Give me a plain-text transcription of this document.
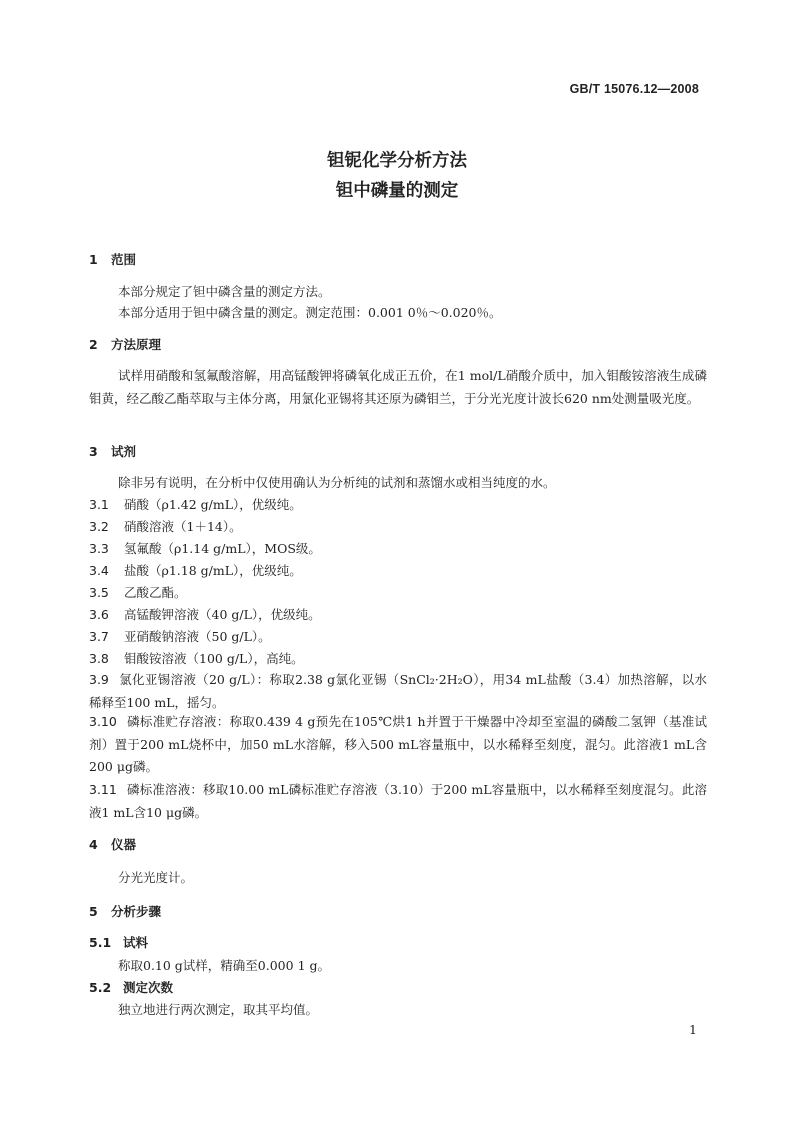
GB/T 15076.12—2008
钽铌化学分析方法
钽中磷量的测定
1 范围
本部分规定了钽中磷含量的测定方法。
本部分适用于钽中磷含量的测定。测定范围：0.001 0％～0.020％。
2 方法原理
试样用硝酸和氢氟酸溶解，用高锰酸钾将磷氧化成正五价，在1 mol/L硝酸介质中，加入钼酸铵溶液生成磷钼黄，经乙酸乙酯萃取与主体分离，用氯化亚锡将其还原为磷钼兰，于分光光度计波长620 nm处测量吸光度。
3 试剂
除非另有说明，在分析中仅使用确认为分析纯的试剂和蒸馏水或相当纯度的水。
3.1 硝酸（ρ1.42 g/mL），优级纯。
3.2 硝酸溶液（1＋14）。
3.3 氢氟酸（ρ1.14 g/mL），MOS级。
3.4 盐酸（ρ1.18 g/mL），优级纯。
3.5 乙酸乙酯。
3.6 高锰酸钾溶液（40 g/L），优级纯。
3.7 亚硝酸钠溶液（50 g/L）。
3.8 钼酸铵溶液（100 g/L），高纯。
3.9 氯化亚锡溶液（20 g/L）：称取2.38 g氯化亚锡（SnCl₂·2H₂O），用34 mL盐酸（3.4）加热溶解，以水稀释至100 mL，摇匀。
3.10 磷标准贮存溶液：称取0.439 4 g预先在105℃烘1 h并置于干燥器中冷却至室温的磷酸二氢钾（基准试剂）置于200 mL烧杯中，加50 mL水溶解，移入500 mL容量瓶中，以水稀释至刻度，混匀。此溶液1 mL含200 μg磷。
3.11 磷标准溶液：移取10.00 mL磷标准贮存溶液（3.10）于200 mL容量瓶中，以水稀释至刻度混匀。此溶液1 mL含10 μg磷。
4 仪器
分光光度计。
5 分析步骤
5.1 试料
称取0.10 g试样，精确至0.000 1 g。
5.2 测定次数
独立地进行两次测定，取其平均值。
1
